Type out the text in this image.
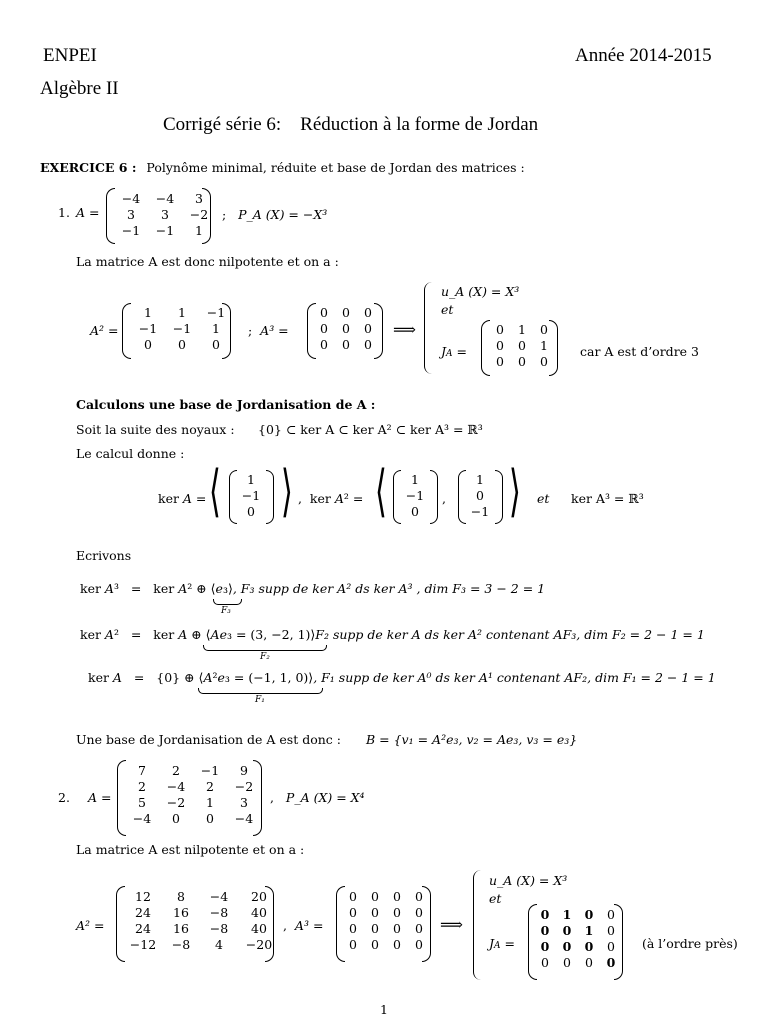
ENPEI	Année 2014-2015
Algèbre II
Corrigé série 6:    Réduction à la forme de Jordan
EXERCICE 6 : Polynôme minimal, réduite et base de Jordan des matrices :
1. A =
−4	−4	3
3	3	−2
−1	−1	1
; P_A (X) = −X³
La matrice A est donc nilpotente et on a :
A² =
1	1	−1
−1	−1	1
0	0	0
;  A³ =
0	0	0
0	0	0
0	0	0
⟹
u_A (X) = X³
et
JA =
0	1	0
0	0	1
0	0	0
car A est d’ordre 3
Calculons une base de Jordanisation de A :
Soit la suite des noyaux : {0} ⊂ ker A ⊂ ker A² ⊂ ker A³ = ℝ³
Le calcul donne :
ker A = ⟨	1
−1
0 ⟩ ,  ker A² = ⟨	1
−1
0
,
1
0
−1 ⟩ et ker A³ = ℝ³
Ecrivons
ker A³   =   ker A² ⊕ ⟨e₃⟩, F₃ supp de ker A² ds ker A³ , dim F₃ = 3 − 2 = 1
F₃
ker A²   =   ker A ⊕ ⟨Ae₃ = (3, −2, 1)⟩F₂ supp de ker A ds ker A² contenant AF₃, dim F₂ = 2 − 1 = 1
F₂
ker A   =   {0} ⊕ ⟨A²e₃ = (−1, 1, 0)⟩, F₁ supp de ker A⁰ ds ker A¹ contenant AF₂, dim F₁ = 2 − 1 = 1
F₁
Une base de Jordanisation de A est donc : B = {v₁ = A²e₃, v₂ = Ae₃, v₃ = e₃}
2. A =
7	2	−1	9
2	−4	2	−2
5	−2	1	3
−4	0	0	−4
, P_A (X) = X⁴
La matrice A est nilpotente et on a :
A² =
12	8	−4	20
24	16	−8	40
24	16	−8	40
−12	−8	4	−20
,  A³ =
0	0	0	0
0	0	0	0
0	0	0	0
0	0	0	0
⟹
u_A (X) = X³
et
JA =
0 1 0	0
0 0 1	0
0 0 0	0
0	0	0	0
(à l’ordre près)
1
